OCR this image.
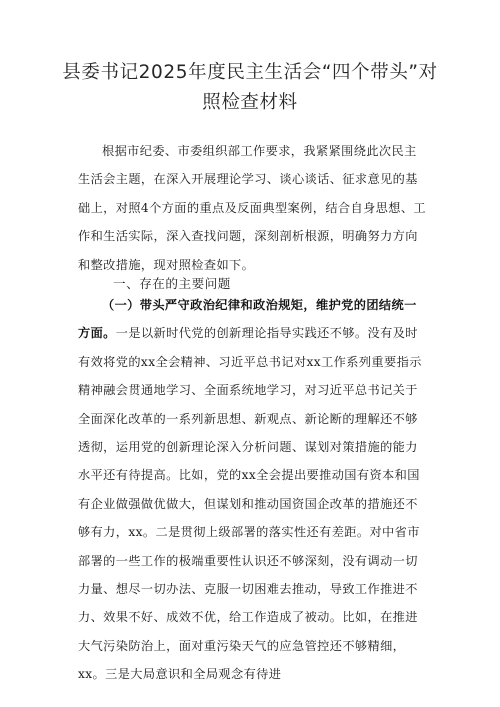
县委书记2025年度民主生活会“四个带头”对
照检查材料

根据市纪委、市委组织部工作要求，我紧紧围绕此次民主生活会主题，在深入开展理论学习、谈心谈话、征求意见的基础上，对照4个方面的重点及反面典型案例，结合自身思想、工作和生活实际，深入查找问题，深刻剖析根源，明确努力方向和整改措施，现对照检查如下。

一、存在的主要问题

（一）带头严守政治纪律和政治规矩，维护党的团结统一方面。一是以新时代党的创新理论指导实践还不够。没有及时有效将党的xx全会精神、习近平总书记对xx工作系列重要指示精神融会贯通地学习、全面系统地学习，对习近平总书记关于全面深化改革的一系列新思想、新观点、新论断的理解还不够透彻，运用党的创新理论深入分析问题、谋划对策措施的能力水平还有待提高。比如，党的xx全会提出要推动国有资本和国有企业做强做优做大，但谋划和推动国资国企改革的措施还不够有力，xx。二是贯彻上级部署的落实性还有差距。对中省市部署的一些工作的极端重要性认识还不够深刻，没有调动一切力量、想尽一切办法、克服一切困难去推动，导致工作推进不力、效果不好、成效不优，给工作造成了被动。比如，在推进大气污染防治上，面对重污染天气的应急管控还不够精细，xx。三是大局意识和全局观念有待进
